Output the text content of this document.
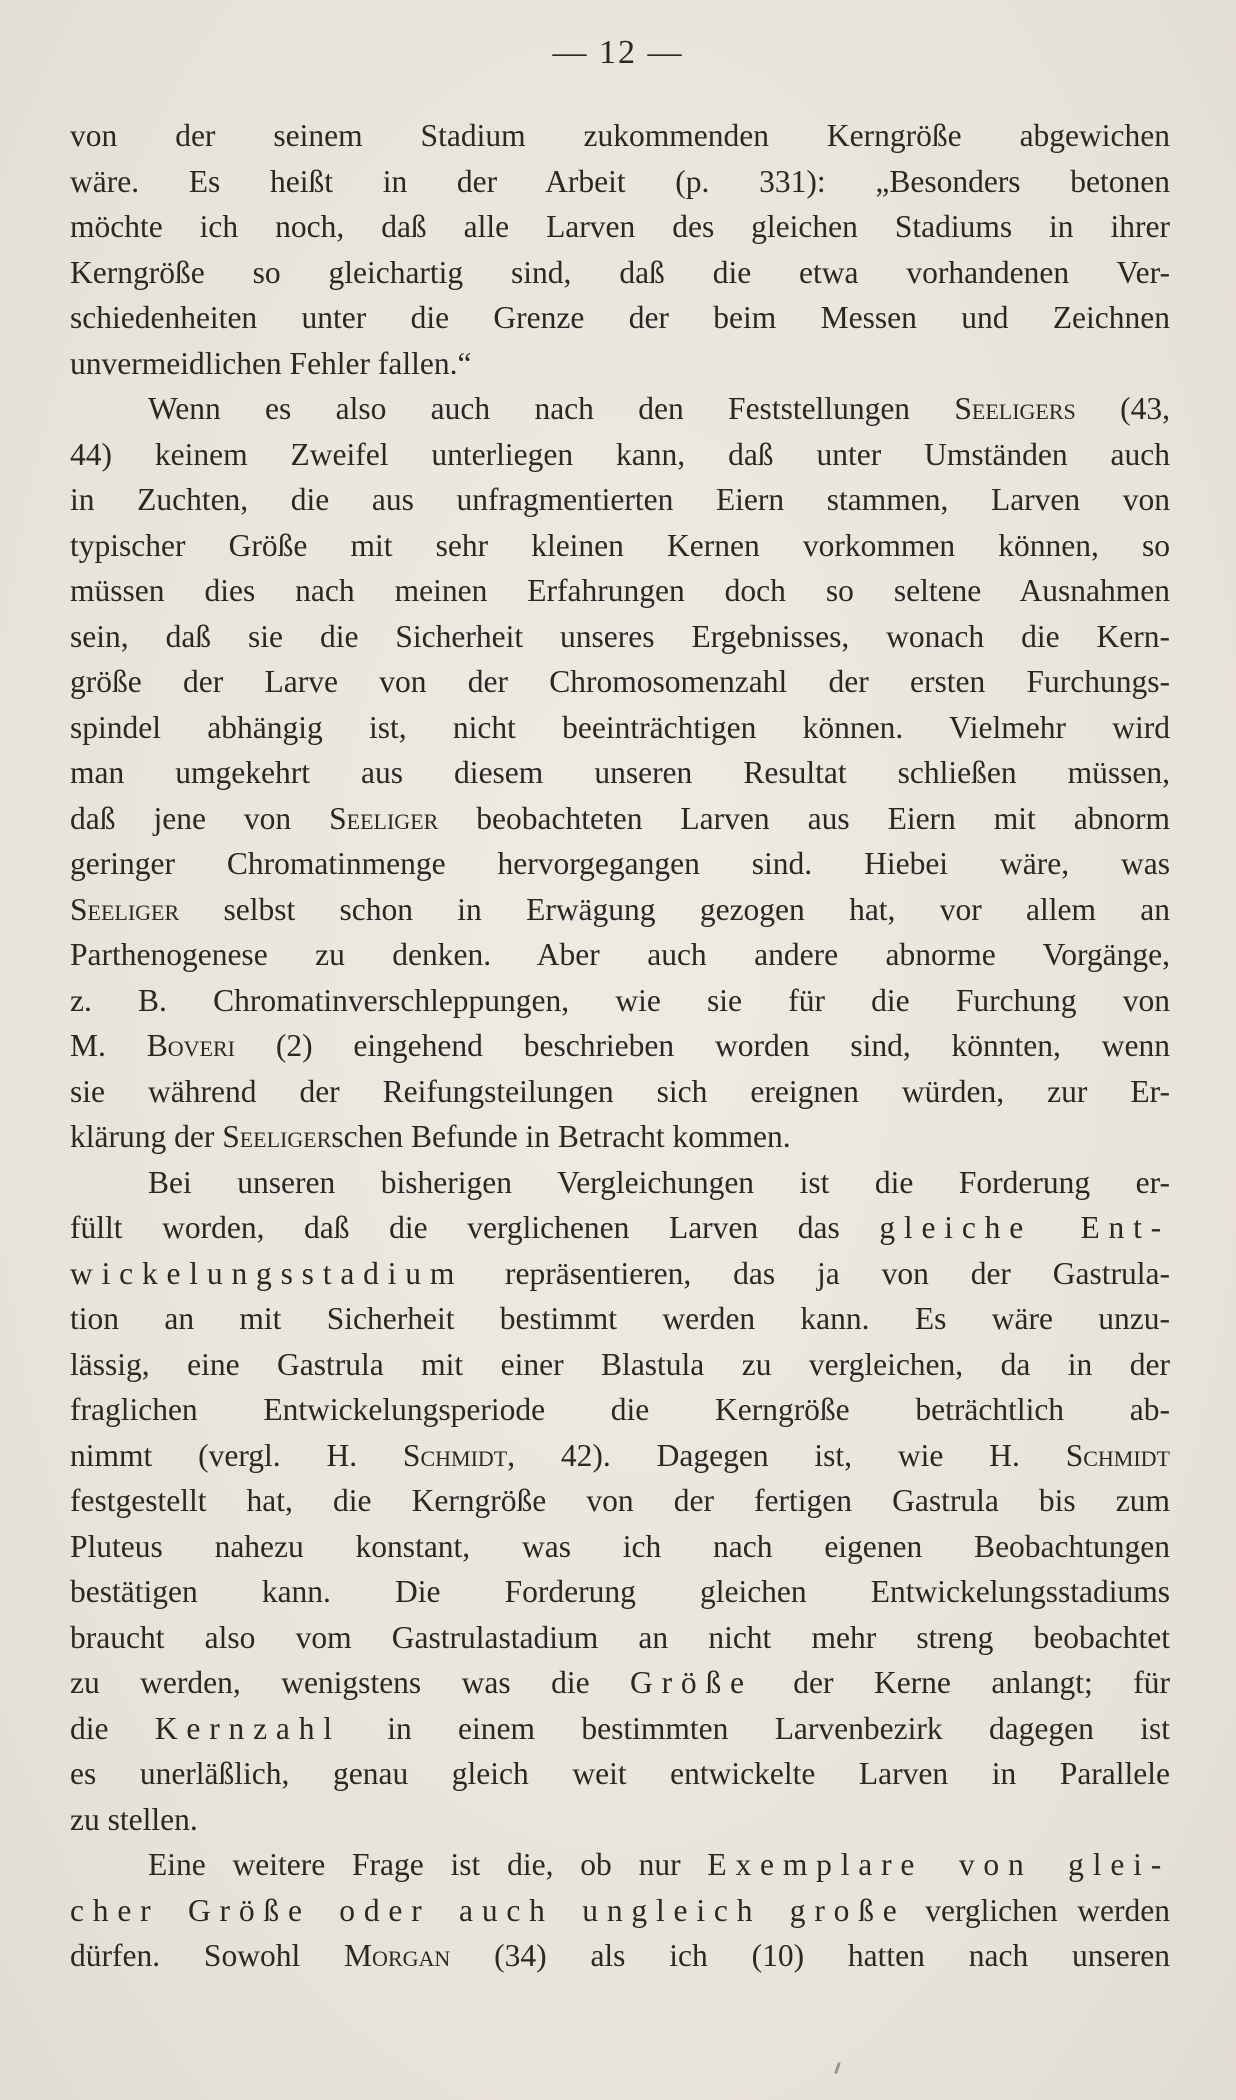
— 12 —
von der seinem Stadium zukommenden Kerngröße abgewichen
wäre. Es heißt in der Arbeit (p. 331): „Besonders betonen
möchte ich noch, daß alle Larven des gleichen Stadiums in ihrer
Kerngröße so gleichartig sind, daß die etwa vorhandenen Ver-
schiedenheiten unter die Grenze der beim Messen und Zeichnen
unvermeidlichen Fehler fallen.“
Wenn es also auch nach den Feststellungen Seeligers (43,
44) keinem Zweifel unterliegen kann, daß unter Umständen auch
in Zuchten, die aus unfragmentierten Eiern stammen, Larven von
typischer Größe mit sehr kleinen Kernen vorkommen können, so
müssen dies nach meinen Erfahrungen doch so seltene Ausnahmen
sein, daß sie die Sicherheit unseres Ergebnisses, wonach die Kern-
größe der Larve von der Chromosomenzahl der ersten Furchungs-
spindel abhängig ist, nicht beeinträchtigen können. Vielmehr wird
man umgekehrt aus diesem unseren Resultat schließen müssen,
daß jene von Seeliger beobachteten Larven aus Eiern mit abnorm
geringer Chromatinmenge hervorgegangen sind. Hiebei wäre, was
Seeliger selbst schon in Erwägung gezogen hat, vor allem an
Parthenogenese zu denken. Aber auch andere abnorme Vorgänge,
z. B. Chromatinverschleppungen, wie sie für die Furchung von
M. Boveri (2) eingehend beschrieben worden sind, könnten, wenn
sie während der Reifungsteilungen sich ereignen würden, zur Er-
klärung der Seeligerschen Befunde in Betracht kommen.
Bei unseren bisherigen Vergleichungen ist die Forderung er-
füllt worden, daß die verglichenen Larven das gleiche Ent-
wickelungsstadium repräsentieren, das ja von der Gastrula-
tion an mit Sicherheit bestimmt werden kann. Es wäre unzu-
lässig, eine Gastrula mit einer Blastula zu vergleichen, da in der
fraglichen Entwickelungsperiode die Kerngröße beträchtlich ab-
nimmt (vergl. H. Schmidt, 42). Dagegen ist, wie H. Schmidt
festgestellt hat, die Kerngröße von der fertigen Gastrula bis zum
Pluteus nahezu konstant, was ich nach eigenen Beobachtungen
bestätigen kann. Die Forderung gleichen Entwickelungsstadiums
braucht also vom Gastrulastadium an nicht mehr streng beobachtet
zu werden, wenigstens was die Größe der Kerne anlangt; für
die Kernzahl in einem bestimmten Larvenbezirk dagegen ist
es unerläßlich, genau gleich weit entwickelte Larven in Parallele
zu stellen.
Eine weitere Frage ist die, ob nur Exemplare von glei-
cher Größe oder auch ungleich große verglichen werden
dürfen. Sowohl Morgan (34) als ich (10) hatten nach unseren
